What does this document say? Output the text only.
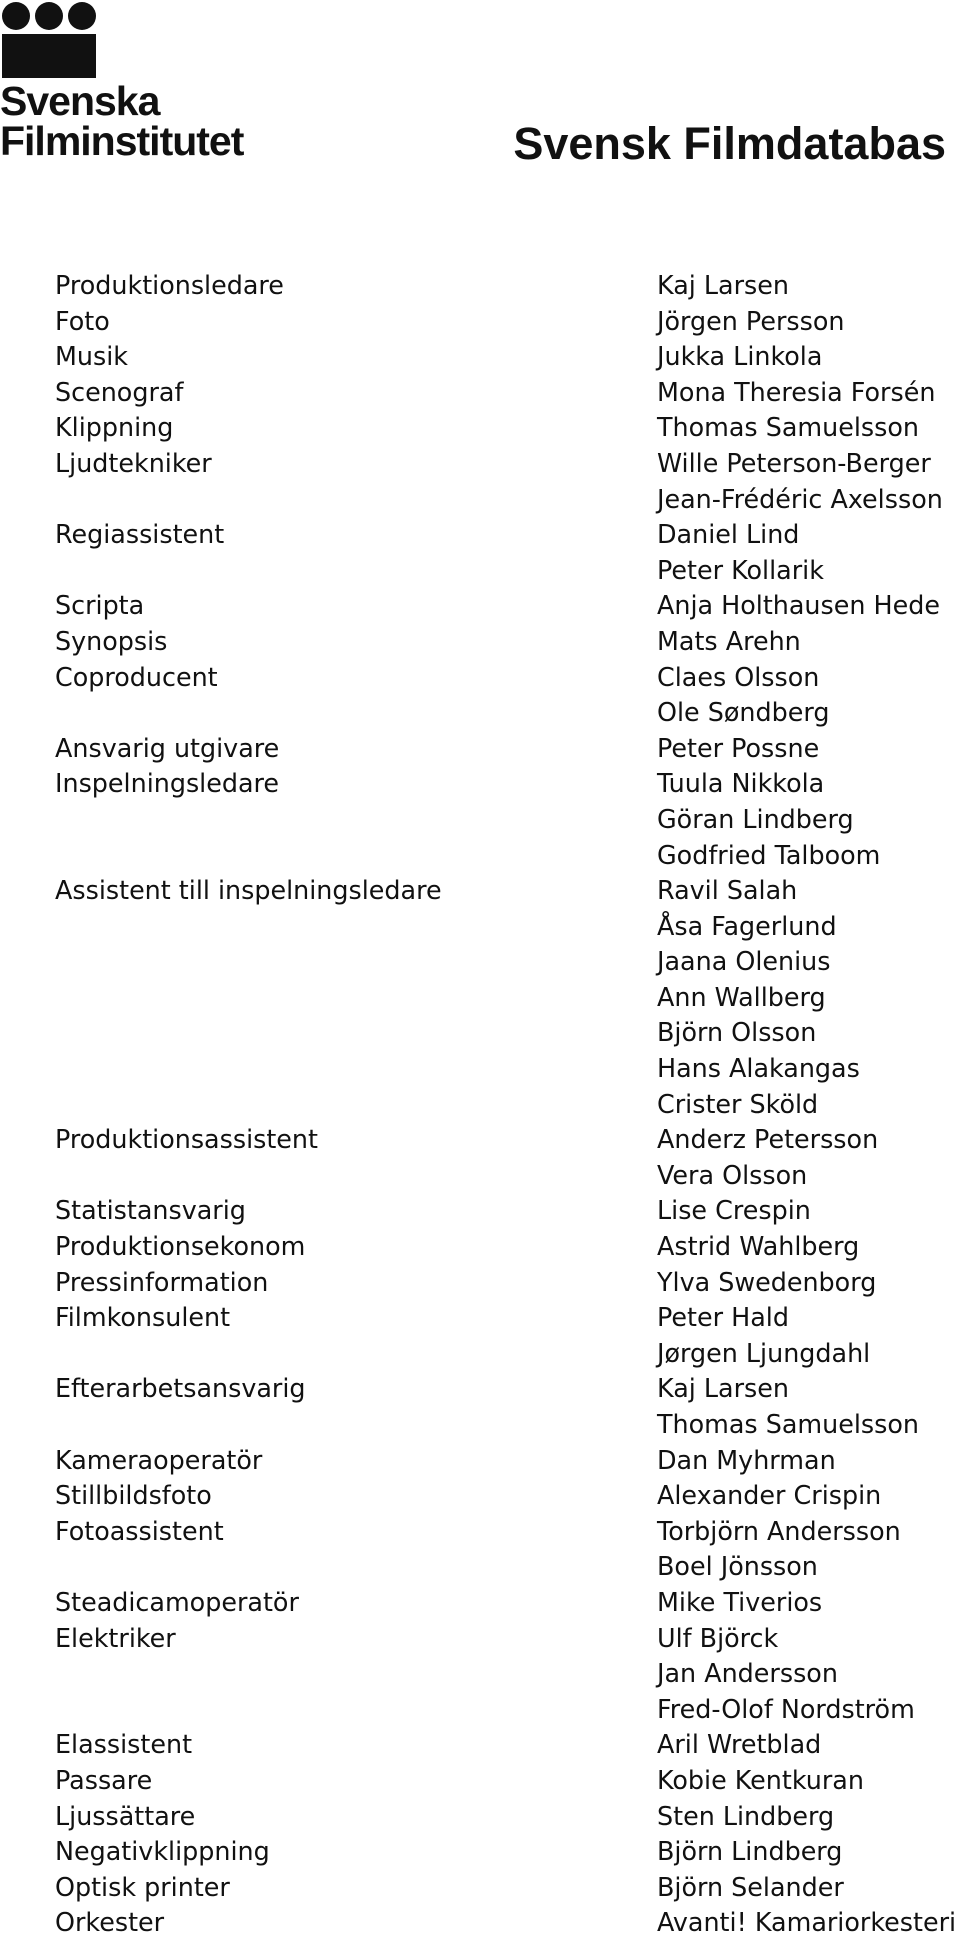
Svenska
Filminstitutet	Svensk Filmdatabas
Produktionsledare	Kaj Larsen
Foto	Jörgen Persson
Musik	Jukka Linkola
Scenograf	Mona Theresia Forsén
Klippning	Thomas Samuelsson
Ljudtekniker	Wille Peterson-Berger
Jean-Frédéric Axelsson
Regiassistent	Daniel Lind
Peter Kollarik
Scripta	Anja Holthausen Hede
Synopsis	Mats Arehn
Coproducent	Claes Olsson
Ole Søndberg
Ansvarig utgivare	Peter Possne
Inspelningsledare	Tuula Nikkola
Göran Lindberg
Godfried Talboom
Assistent till inspelningsledare	Ravil Salah
Åsa Fagerlund
Jaana Olenius
Ann Wallberg
Björn Olsson
Hans Alakangas
Crister Sköld
Produktionsassistent	Anderz Petersson
Vera Olsson
Statistansvarig	Lise Crespin
Produktionsekonom	Astrid Wahlberg
Pressinformation	Ylva Swedenborg
Filmkonsulent	Peter Hald
Jørgen Ljungdahl
Efterarbetsansvarig	Kaj Larsen
Thomas Samuelsson
Kameraoperatör	Dan Myhrman
Stillbildsfoto	Alexander Crispin
Fotoassistent	Torbjörn Andersson
Boel Jönsson
Steadicamoperatör	Mike Tiverios
Elektriker	Ulf Björck
Jan Andersson
Fred-Olof Nordström
Elassistent	Aril Wretblad
Passare	Kobie Kentkuran
Ljussättare	Sten Lindberg
Negativklippning	Björn Lindberg
Optisk printer	Björn Selander
Orkester	Avanti! Kamariorkesteri
